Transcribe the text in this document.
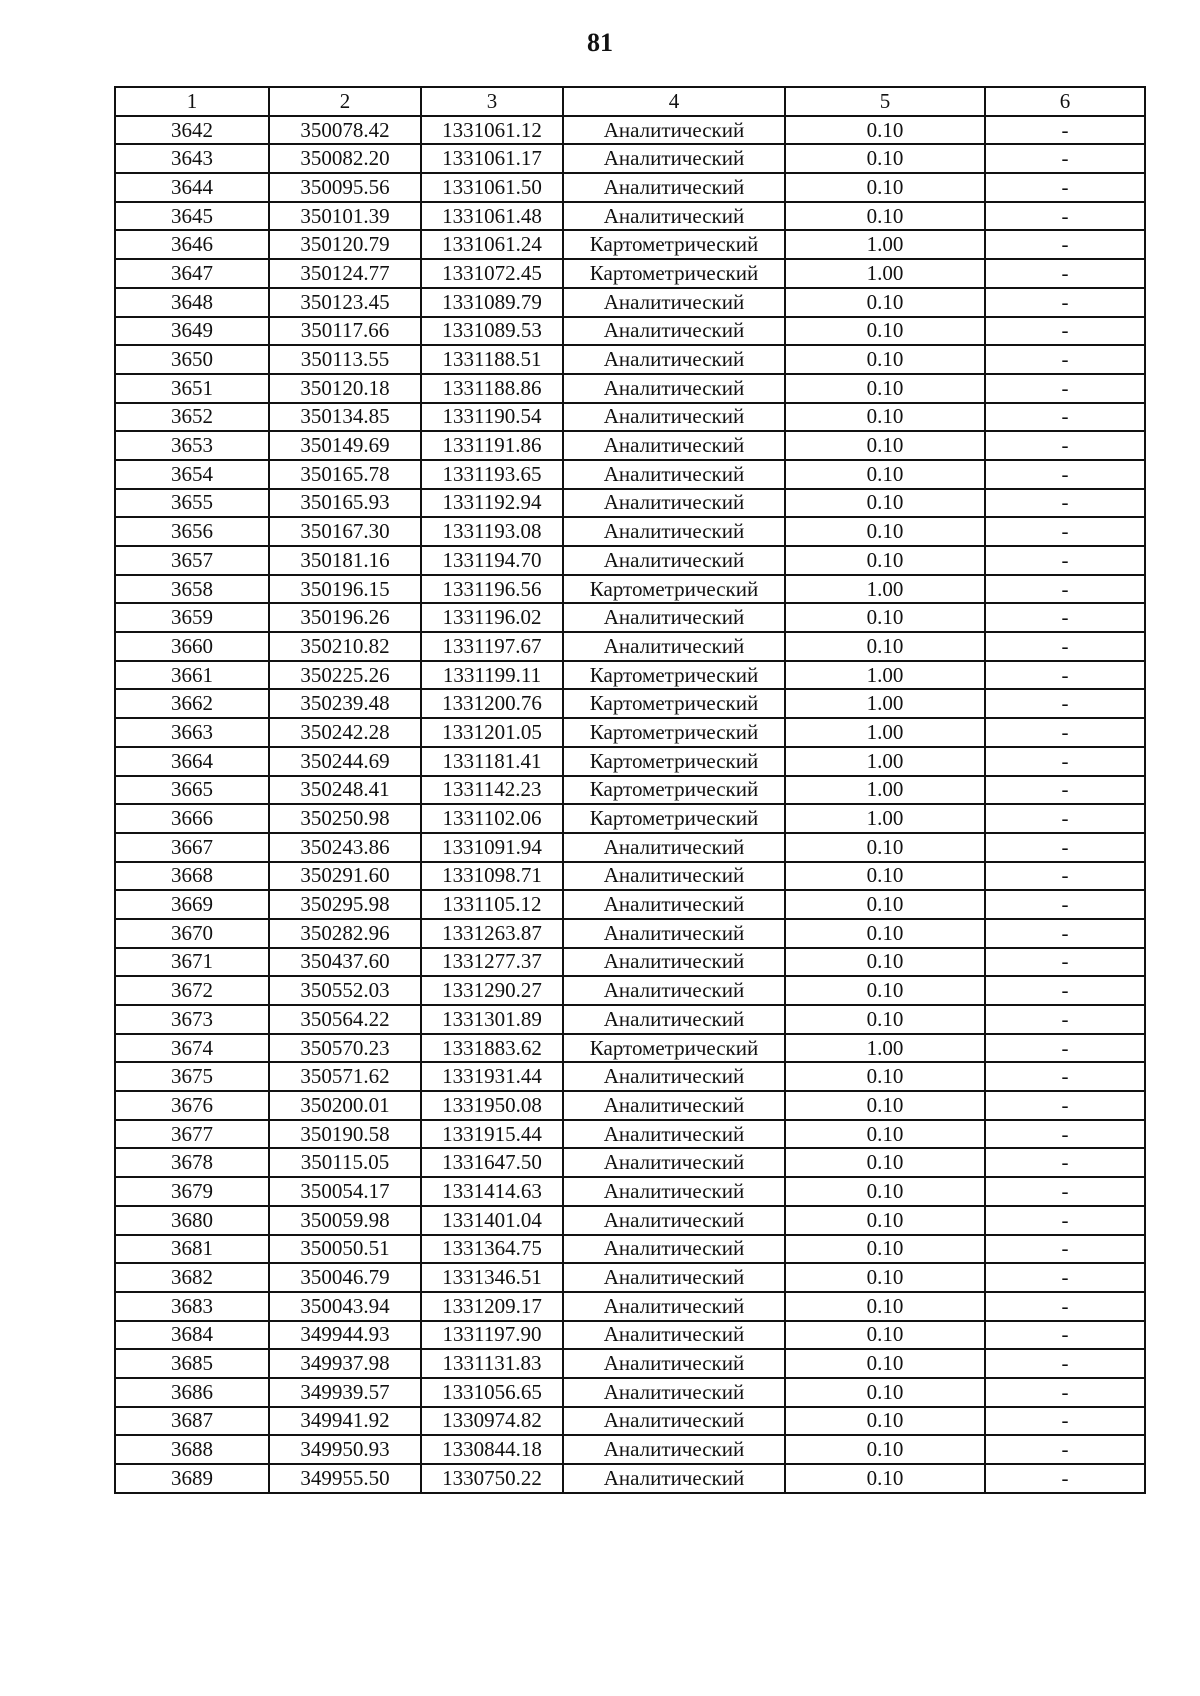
81
1	2	3	4	5	6
3642	350078.42	1331061.12	Аналитический	0.10	-
3643	350082.20	1331061.17	Аналитический	0.10	-
3644	350095.56	1331061.50	Аналитический	0.10	-
3645	350101.39	1331061.48	Аналитический	0.10	-
3646	350120.79	1331061.24	Картометрический	1.00	-
3647	350124.77	1331072.45	Картометрический	1.00	-
3648	350123.45	1331089.79	Аналитический	0.10	-
3649	350117.66	1331089.53	Аналитический	0.10	-
3650	350113.55	1331188.51	Аналитический	0.10	-
3651	350120.18	1331188.86	Аналитический	0.10	-
3652	350134.85	1331190.54	Аналитический	0.10	-
3653	350149.69	1331191.86	Аналитический	0.10	-
3654	350165.78	1331193.65	Аналитический	0.10	-
3655	350165.93	1331192.94	Аналитический	0.10	-
3656	350167.30	1331193.08	Аналитический	0.10	-
3657	350181.16	1331194.70	Аналитический	0.10	-
3658	350196.15	1331196.56	Картометрический	1.00	-
3659	350196.26	1331196.02	Аналитический	0.10	-
3660	350210.82	1331197.67	Аналитический	0.10	-
3661	350225.26	1331199.11	Картометрический	1.00	-
3662	350239.48	1331200.76	Картометрический	1.00	-
3663	350242.28	1331201.05	Картометрический	1.00	-
3664	350244.69	1331181.41	Картометрический	1.00	-
3665	350248.41	1331142.23	Картометрический	1.00	-
3666	350250.98	1331102.06	Картометрический	1.00	-
3667	350243.86	1331091.94	Аналитический	0.10	-
3668	350291.60	1331098.71	Аналитический	0.10	-
3669	350295.98	1331105.12	Аналитический	0.10	-
3670	350282.96	1331263.87	Аналитический	0.10	-
3671	350437.60	1331277.37	Аналитический	0.10	-
3672	350552.03	1331290.27	Аналитический	0.10	-
3673	350564.22	1331301.89	Аналитический	0.10	-
3674	350570.23	1331883.62	Картометрический	1.00	-
3675	350571.62	1331931.44	Аналитический	0.10	-
3676	350200.01	1331950.08	Аналитический	0.10	-
3677	350190.58	1331915.44	Аналитический	0.10	-
3678	350115.05	1331647.50	Аналитический	0.10	-
3679	350054.17	1331414.63	Аналитический	0.10	-
3680	350059.98	1331401.04	Аналитический	0.10	-
3681	350050.51	1331364.75	Аналитический	0.10	-
3682	350046.79	1331346.51	Аналитический	0.10	-
3683	350043.94	1331209.17	Аналитический	0.10	-
3684	349944.93	1331197.90	Аналитический	0.10	-
3685	349937.98	1331131.83	Аналитический	0.10	-
3686	349939.57	1331056.65	Аналитический	0.10	-
3687	349941.92	1330974.82	Аналитический	0.10	-
3688	349950.93	1330844.18	Аналитический	0.10	-
3689	349955.50	1330750.22	Аналитический	0.10	-
